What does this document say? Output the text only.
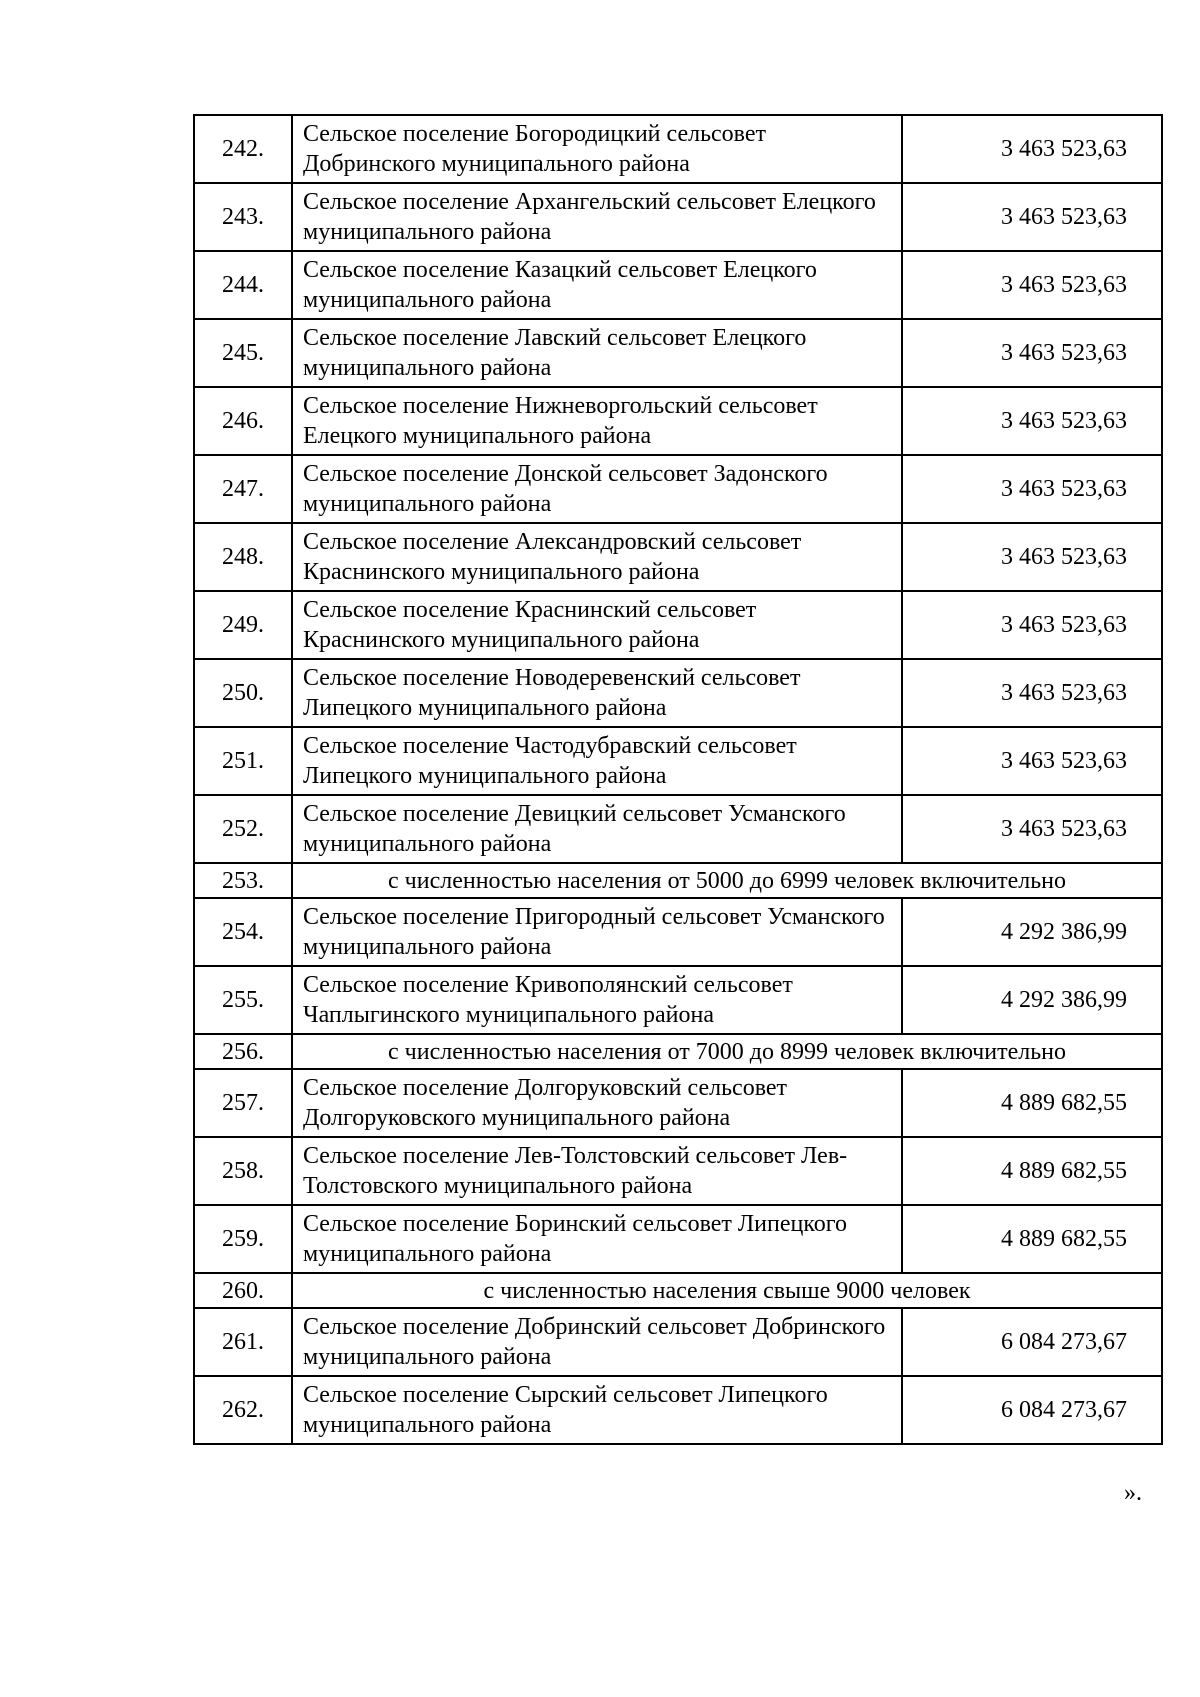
242.	Сельское поселение Богородицкий сельсовет Добринского муниципального района	3 463 523,63
243.	Сельское поселение Архангельский сельсовет Елецкого муниципального района	3 463 523,63
244.	Сельское поселение Казацкий сельсовет Елецкого муниципального района	3 463 523,63
245.	Сельское поселение Лавский сельсовет Елецкого муниципального района	3 463 523,63
246.	Сельское поселение Нижневоргольский сельсовет Елецкого муниципального района	3 463 523,63
247.	Сельское поселение Донской сельсовет Задонского муниципального района	3 463 523,63
248.	Сельское поселение Александровский сельсовет Краснинского муниципального района	3 463 523,63
249.	Сельское поселение Краснинский сельсовет Краснинского муниципального района	3 463 523,63
250.	Сельское поселение Новодеревенский сельсовет Липецкого муниципального района	3 463 523,63
251.	Сельское поселение Частодубравский сельсовет Липецкого муниципального района	3 463 523,63
252.	Сельское поселение Девицкий сельсовет Усманского муниципального района	3 463 523,63
253.	с численностью населения от 5000 до 6999 человек включительно	
254.	Сельское поселение Пригородный сельсовет Усманского муниципального района	4 292 386,99
255.	Сельское поселение Кривополянский сельсовет Чаплыгинского муниципального района	4 292 386,99
256.	с численностью населения от 7000 до 8999 человек включительно	
257.	Сельское поселение Долгоруковский сельсовет Долгоруковского муниципального района	4 889 682,55
258.	Сельское поселение Лев-Толстовский сельсовет Лев-Толстовского муниципального района	4 889 682,55
259.	Сельское поселение Боринский сельсовет Липецкого муниципального района	4 889 682,55
260.	с численностью населения свыше 9000 человек	
261.	Сельское поселение Добринский сельсовет Добринского муниципального района	6 084 273,67
262.	Сельское поселение Сырский сельсовет Липецкого муниципального района	6 084 273,67
».
